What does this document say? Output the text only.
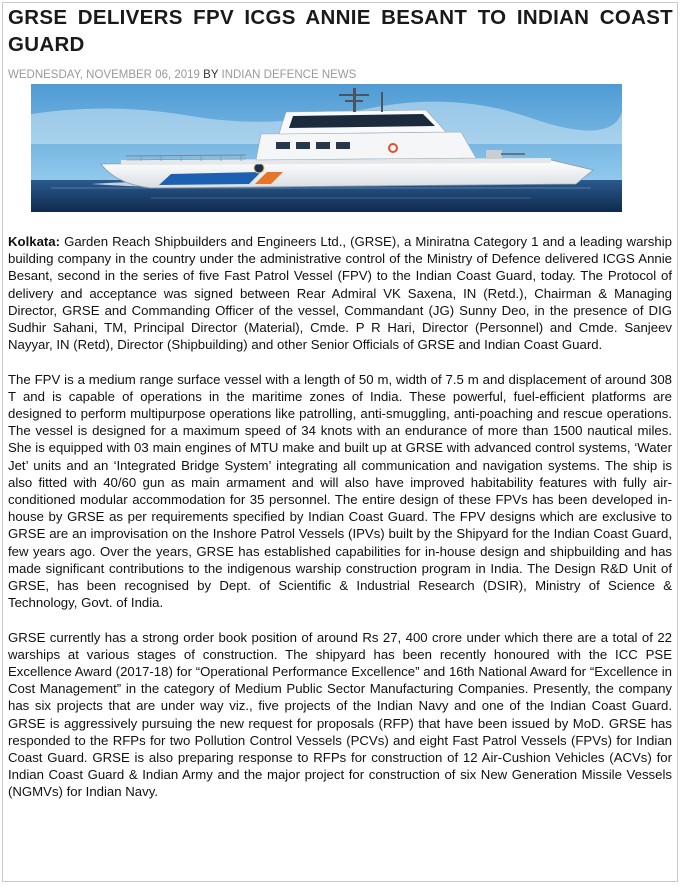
GRSE DELIVERS FPV ICGS ANNIE BESANT TO INDIAN COAST GUARD
WEDNESDAY, NOVEMBER 06, 2019 BY INDIAN DEFENCE NEWS

Kolkata: Garden Reach Shipbuilders and Engineers Ltd., (GRSE), a Miniratna Category 1 and a leading warship building company in the country under the administrative control of the Ministry of Defence delivered ICGS Annie Besant, second in the series of five Fast Patrol Vessel (FPV) to the Indian Coast Guard, today. The Protocol of delivery and acceptance was signed between Rear Admiral VK Saxena, IN (Retd.), Chairman & Managing Director, GRSE and Commanding Officer of the vessel, Commandant (JG) Sunny Deo, in the presence of DIG Sudhir Sahani, TM, Principal Director (Material), Cmde. P R Hari, Director (Personnel) and Cmde. Sanjeev Nayyar, IN (Retd), Director (Shipbuilding) and other Senior Officials of GRSE and Indian Coast Guard.

The FPV is a medium range surface vessel with a length of 50 m, width of 7.5 m and displacement of around 308 T and is capable of operations in the maritime zones of India. These powerful, fuel-efficient platforms are designed to perform multipurpose operations like patrolling, anti-smuggling, anti-poaching and rescue operations. The vessel is designed for a maximum speed of 34 knots with an endurance of more than 1500 nautical miles. She is equipped with 03 main engines of MTU make and built up at GRSE with advanced control systems, ‘Water Jet’ units and an ‘Integrated Bridge System’ integrating all communication and navigation systems. The ship is also fitted with 40/60 gun as main armament and will also have improved habitability features with fully air-conditioned modular accommodation for 35 personnel. The entire design of these FPVs has been developed in-house by GRSE as per requirements specified by Indian Coast Guard. The FPV designs which are exclusive to GRSE are an improvisation on the Inshore Patrol Vessels (IPVs) built by the Shipyard for the Indian Coast Guard, few years ago. Over the years, GRSE has established capabilities for in-house design and shipbuilding and has made significant contributions to the indigenous warship construction program in India. The Design R&D Unit of GRSE, has been recognised by Dept. of Scientific & Industrial Research (DSIR), Ministry of Science & Technology, Govt. of India.

GRSE currently has a strong order book position of around Rs 27, 400 crore under which there are a total of 22 warships at various stages of construction. The shipyard has been recently honoured with the ICC PSE Excellence Award (2017-18) for “Operational Performance Excellence” and 16th National Award for “Excellence in Cost Management” in the category of Medium Public Sector Manufacturing Companies. Presently, the company has six projects that are under way viz., five projects of the Indian Navy and one of the Indian Coast Guard. GRSE is aggressively pursuing the new request for proposals (RFP) that have been issued by MoD. GRSE has responded to the RFPs for two Pollution Control Vessels (PCVs) and eight Fast Patrol Vessels (FPVs) for Indian Coast Guard. GRSE is also preparing response to RFPs for construction of 12 Air-Cushion Vehicles (ACVs) for Indian Coast Guard & Indian Army and the major project for construction of six New Generation Missile Vessels (NGMVs) for Indian Navy.
